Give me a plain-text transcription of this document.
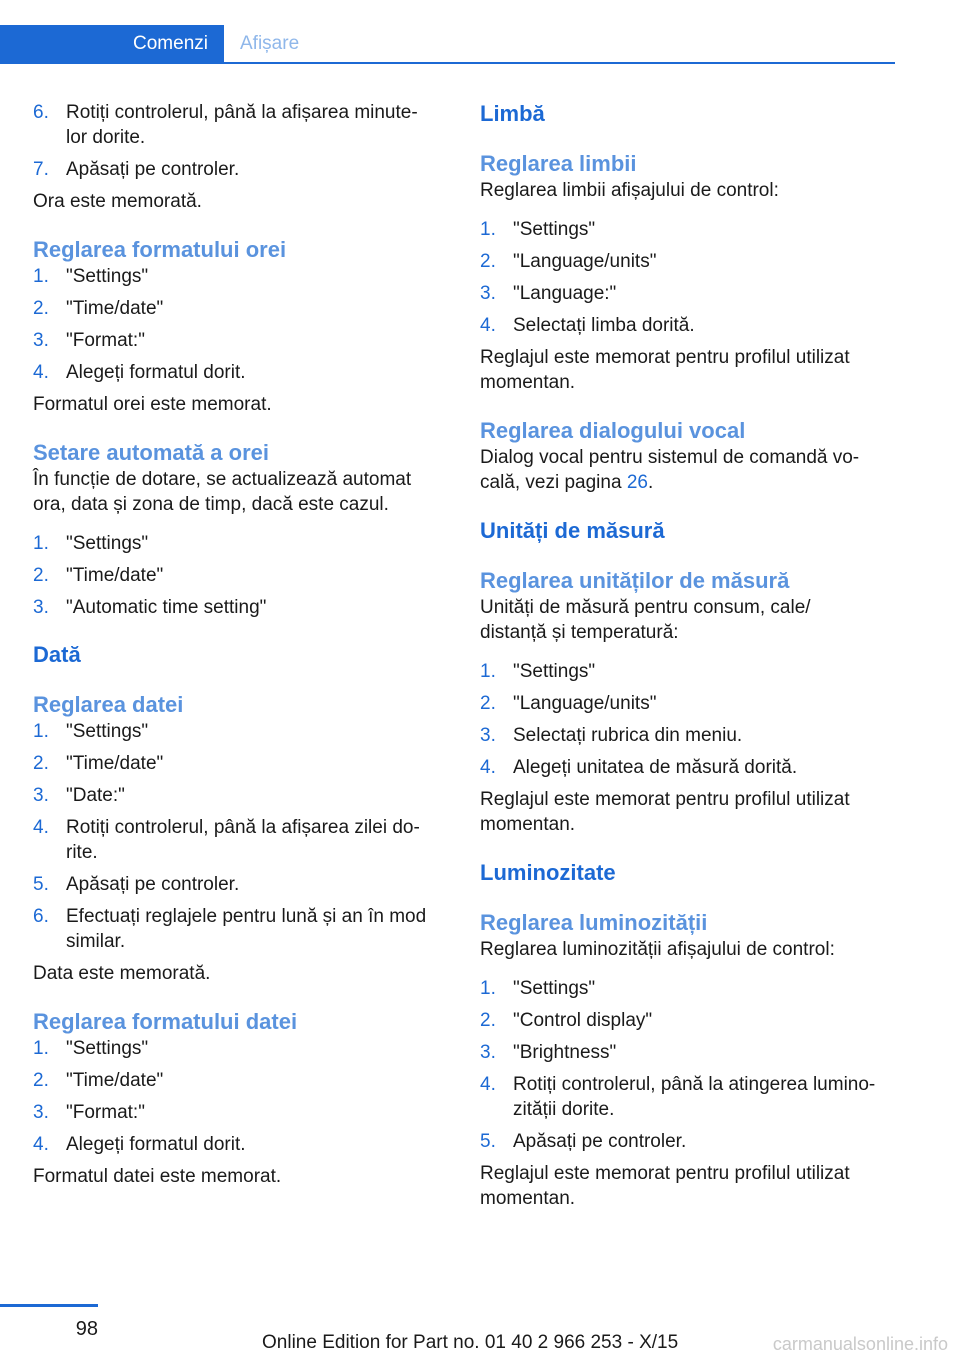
Comenzi	Afișare
6. Rotiți controlerul, până la afișarea minute-
lor dorite.
7. Apăsați pe controler.

Ora este memorată.

Reglarea formatului orei
1. "Settings"
2. "Time/date"
3. "Format:"
4. Alegeți formatul dorit.

Formatul orei este memorat.

Setare automată a orei

În funcție de dotare, se actualizează automat ora, data și zona de timp, dacă este cazul.

1. "Settings"
2. "Time/date"
3. "Automatic time setting"
Dată
Reglarea datei
1. "Settings"
2. "Time/date"
3. "Date:"
4. Rotiți controlerul, până la afișarea zilei do-
rite.
5. Apăsați pe controler.
6. Efectuați reglajele pentru lună și an în mod
similar.

Data este memorată.

Reglarea formatului datei
1. "Settings"
2. "Time/date"
3. "Format:"
4. Alegeți formatul dorit.

Formatul datei este memorat.

Limbă
Reglarea limbii

Reglarea limbii afișajului de control:

1. "Settings"
2. "Language/units"
3. "Language:"
4. Selectați limba dorită.

Reglajul este memorat pentru profilul utilizat momentan.

Reglarea dialogului vocal

Dialog vocal pentru sistemul de comandă vo-
cală, vezi pagina 26.

Unități de măsură
Reglarea unităților de măsură

Unități de măsură pentru consum, cale/
distanță și temperatură:

1. "Settings"
2. "Language/units"
3. Selectați rubrica din meniu.
4. Alegeți unitatea de măsură dorită.

Reglajul este memorat pentru profilul utilizat momentan.

Luminozitate
Reglarea luminozității

Reglarea luminozității afișajului de control:

1. "Settings"
2. "Control display"
3. "Brightness"
4. Rotiți controlerul, până la atingerea lumino-
zității dorite.
5. Apăsați pe controler.

Reglajul este memorat pentru profilul utilizat momentan.

98
Online Edition for Part no. 01 40 2 966 253 - X/15	carmanualsonline.info
